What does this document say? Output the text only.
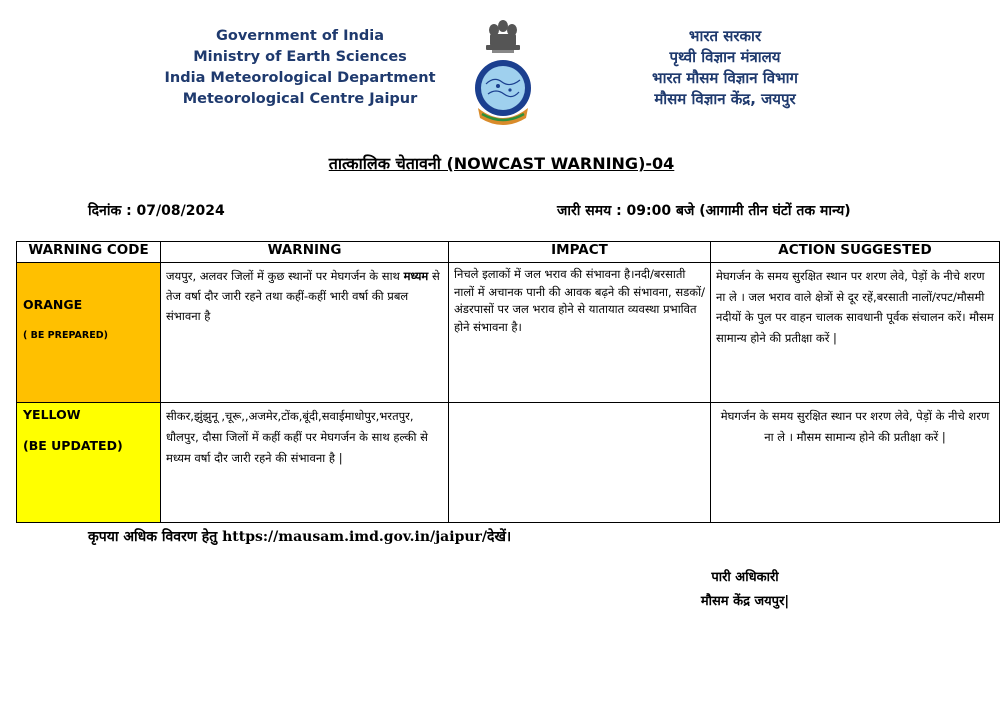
Government of India
Ministry of Earth Sciences
India Meteorological Department
Meteorological Centre Jaipur
भारत सरकार
पृथ्वी विज्ञान मंत्रालय
भारत मौसम विज्ञान विभाग
मौसम विज्ञान केंद्र, जयपुर
तात्कालिक चेतावनी (NOWCAST WARNING)-04
दिनांक : 07/08/2024	जारी समय : 09:00 बजे (आगामी तीन घंटों तक मान्य)
WARNING CODE	WARNING	IMPACT	ACTION SUGGESTED

ORANGE
( BE PREPARED)	जयपुर, अलवर जिलों में कुछ स्थानों पर मेघगर्जन के साथ मध्यम से तेज वर्षा दौर जारी रहने तथा कहीं-कहीं भारी वर्षा की प्रबल संभावना है	निचले इलाकों में जल भराव की संभावना है।नदी/बरसाती नालों में अचानक पानी की आवक बढ़ने की संभावना, सडकों/अंडरपासों पर जल भराव होने से यातायात व्यवस्था प्रभावित होने संभावना है।	मेघगर्जन के समय सुरक्षित स्थान पर शरण लेवे, पेड़ों के नीचे शरण ना ले । जल भराव वाले क्षेत्रों से दूर रहें,बरसाती नालों/रपट/मौसमी नदीयों के पुल पर वाहन चालक सावधानी पूर्वक संचालन करें। मौसम सामान्य होने की प्रतीक्षा करें |

YELLOW
(BE UPDATED)	सीकर,झुंझुनू ,चूरू,,अजमेर,टोंक,बूंदी,सवाईमाधोपुर,भरतपुर, धौलपुर, दौसा जिलों में कहीं कहीं पर मेघगर्जन के साथ हल्की से मध्यम वर्षा दौर जारी रहने की संभावना है |		मेघगर्जन के समय सुरक्षित स्थान पर शरण लेवे, पेड़ों के नीचे शरण ना ले । मौसम सामान्य होने की प्रतीक्षा करें |
कृपया अधिक विवरण हेतु https://mausam.imd.gov.in/jaipur/देखें।
पारी अधिकारी
मौसम केंद्र जयपुर|
